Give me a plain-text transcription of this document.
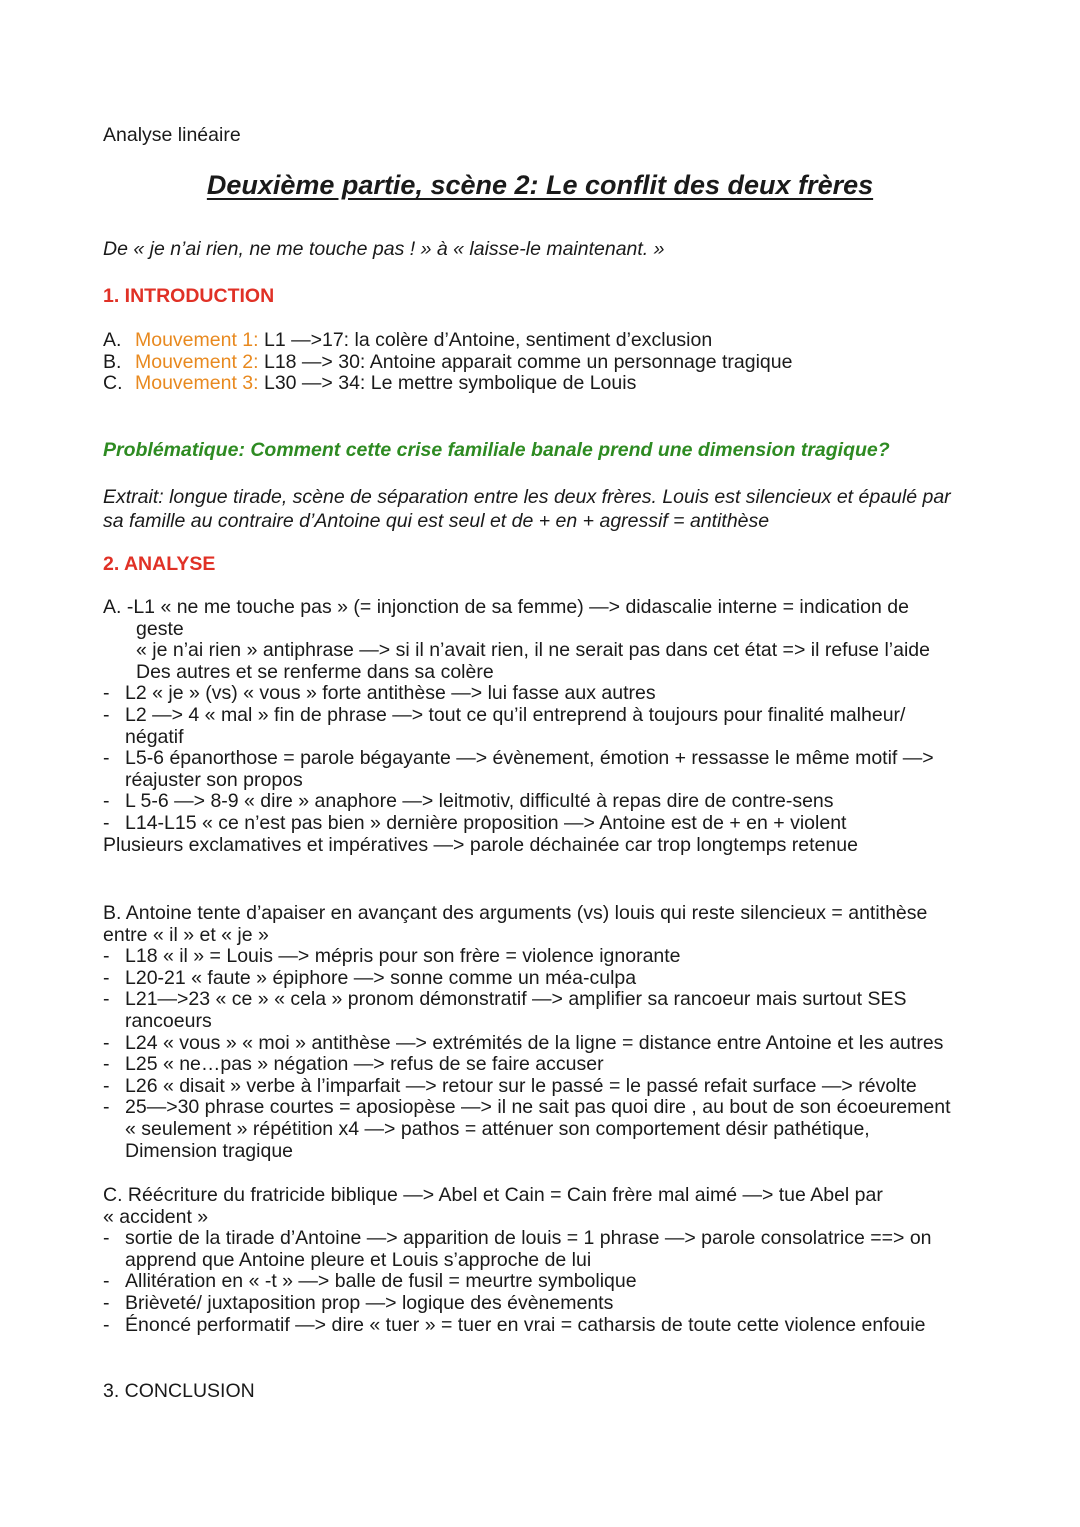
Analyse linéaire
Deuxième partie, scène 2: Le conflit des deux frères
De « je n’ai rien, ne me touche pas ! » à « laisse-le maintenant. »
1. INTRODUCTION
A. Mouvement 1: L1 —>17: la colère d’Antoine, sentiment d’exclusion
B. Mouvement 2: L18 —> 30: Antoine apparait comme un personnage tragique
C. Mouvement 3: L30 —> 34: Le mettre symbolique de Louis
Problématique: Comment cette crise familiale banale prend une dimension tragique?
Extrait: longue tirade, scène de séparation entre les deux frères. Louis est silencieux et épaulé par
sa famille au contraire d’Antoine qui est seul et de + en + agressif = antithèse
2. ANALYSE
A. -L1 « ne me touche pas » (= injonction de sa femme) —> didascalie interne = indication de
geste
« je n’ai rien » antiphrase —> si il n’avait rien, il ne serait pas dans cet état => il refuse l’aide
Des autres et se renferme dans sa colère
- L2 « je » (vs) « vous » forte antithèse —> lui fasse aux autres
- L2 —> 4 « mal » fin de phrase —> tout ce qu’il entreprend à toujours pour finalité malheur/
négatif
- L5-6 épanorthose = parole bégayante —> évènement, émotion + ressasse le même motif —>
réajuster son propos
- L 5-6 —> 8-9 « dire » anaphore —> leitmotiv, difficulté à repas dire de contre-sens
- L14-L15 « ce n’est pas bien » dernière proposition —> Antoine est de + en + violent
Plusieurs exclamatives et impératives —> parole déchainée car trop longtemps retenue
B. Antoine tente d’apaiser en avançant des arguments (vs) louis qui reste silencieux = antithèse
entre « il » et « je »
- L18 « il » = Louis —> mépris pour son frère = violence ignorante
- L20-21 « faute » épiphore —> sonne comme un méa-culpa
- L21—>23 « ce » « cela » pronom démonstratif —> amplifier sa rancoeur mais surtout SES
rancoeurs
- L24 « vous » « moi » antithèse —> extrémités de la ligne = distance entre Antoine et les autres
- L25 « ne…pas » négation —> refus de se faire accuser
- L26 « disait » verbe à l’imparfait —> retour sur le passé = le passé refait surface —> révolte
- 25—>30 phrase courtes = aposiopèse —> il ne sait pas quoi dire , au bout de son écoeurement
« seulement » répétition x4 —> pathos = atténuer son comportement désir pathétique,
Dimension tragique
C. Réécriture du fratricide biblique —> Abel et Cain = Cain frère mal aimé —> tue Abel par
« accident »
- sortie de la tirade d’Antoine —> apparition de louis = 1 phrase —> parole consolatrice ==> on
apprend que Antoine pleure et Louis s’approche de lui
- Allitération en « -t » —> balle de fusil = meurtre symbolique
- Brièveté/ juxtaposition prop —> logique des évènements
- Énoncé performatif —> dire « tuer » = tuer en vrai = catharsis de toute cette violence enfouie
3. CONCLUSION
